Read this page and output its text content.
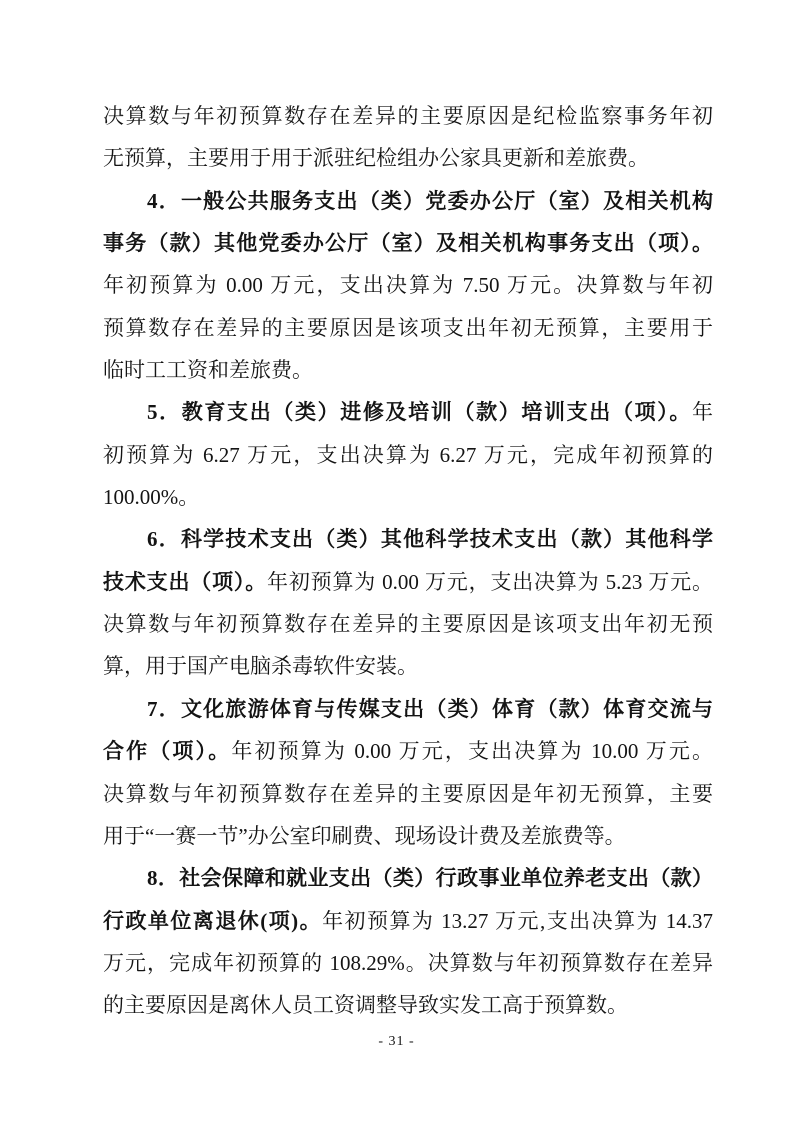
决算数与年初预算数存在差异的主要原因是纪检监察事务年初
无预算，主要用于用于派驻纪检组办公家具更新和差旅费。
4．一般公共服务支出（类）党委办公厅（室）及相关机构
事务（款）其他党委办公厅（室）及相关机构事务支出（项）。
年初预算为 0.00 万元，支出决算为 7.50 万元。决算数与年初
预算数存在差异的主要原因是该项支出年初无预算，主要用于
临时工工资和差旅费。
5．教育支出（类）进修及培训（款）培训支出（项）。年
初预算为 6.27 万元，支出决算为 6.27 万元，完成年初预算的
100.00%。
6．科学技术支出（类）其他科学技术支出（款）其他科学
技术支出（项）。年初预算为 0.00 万元，支出决算为 5.23 万元。
决算数与年初预算数存在差异的主要原因是该项支出年初无预
算，用于国产电脑杀毒软件安装。
7．文化旅游体育与传媒支出（类）体育（款）体育交流与
合作（项）。年初预算为 0.00 万元，支出决算为 10.00 万元。
决算数与年初预算数存在差异的主要原因是年初无预算，主要
用于“一赛一节”办公室印刷费、现场设计费及差旅费等。
8．社会保障和就业支出（类）行政事业单位养老支出（款）
行政单位离退休(项)。年初预算为 13.27 万元,支出决算为 14.37
万元，完成年初预算的 108.29%。决算数与年初预算数存在差异
的主要原因是离休人员工资调整导致实发工高于预算数。
- 31 -
